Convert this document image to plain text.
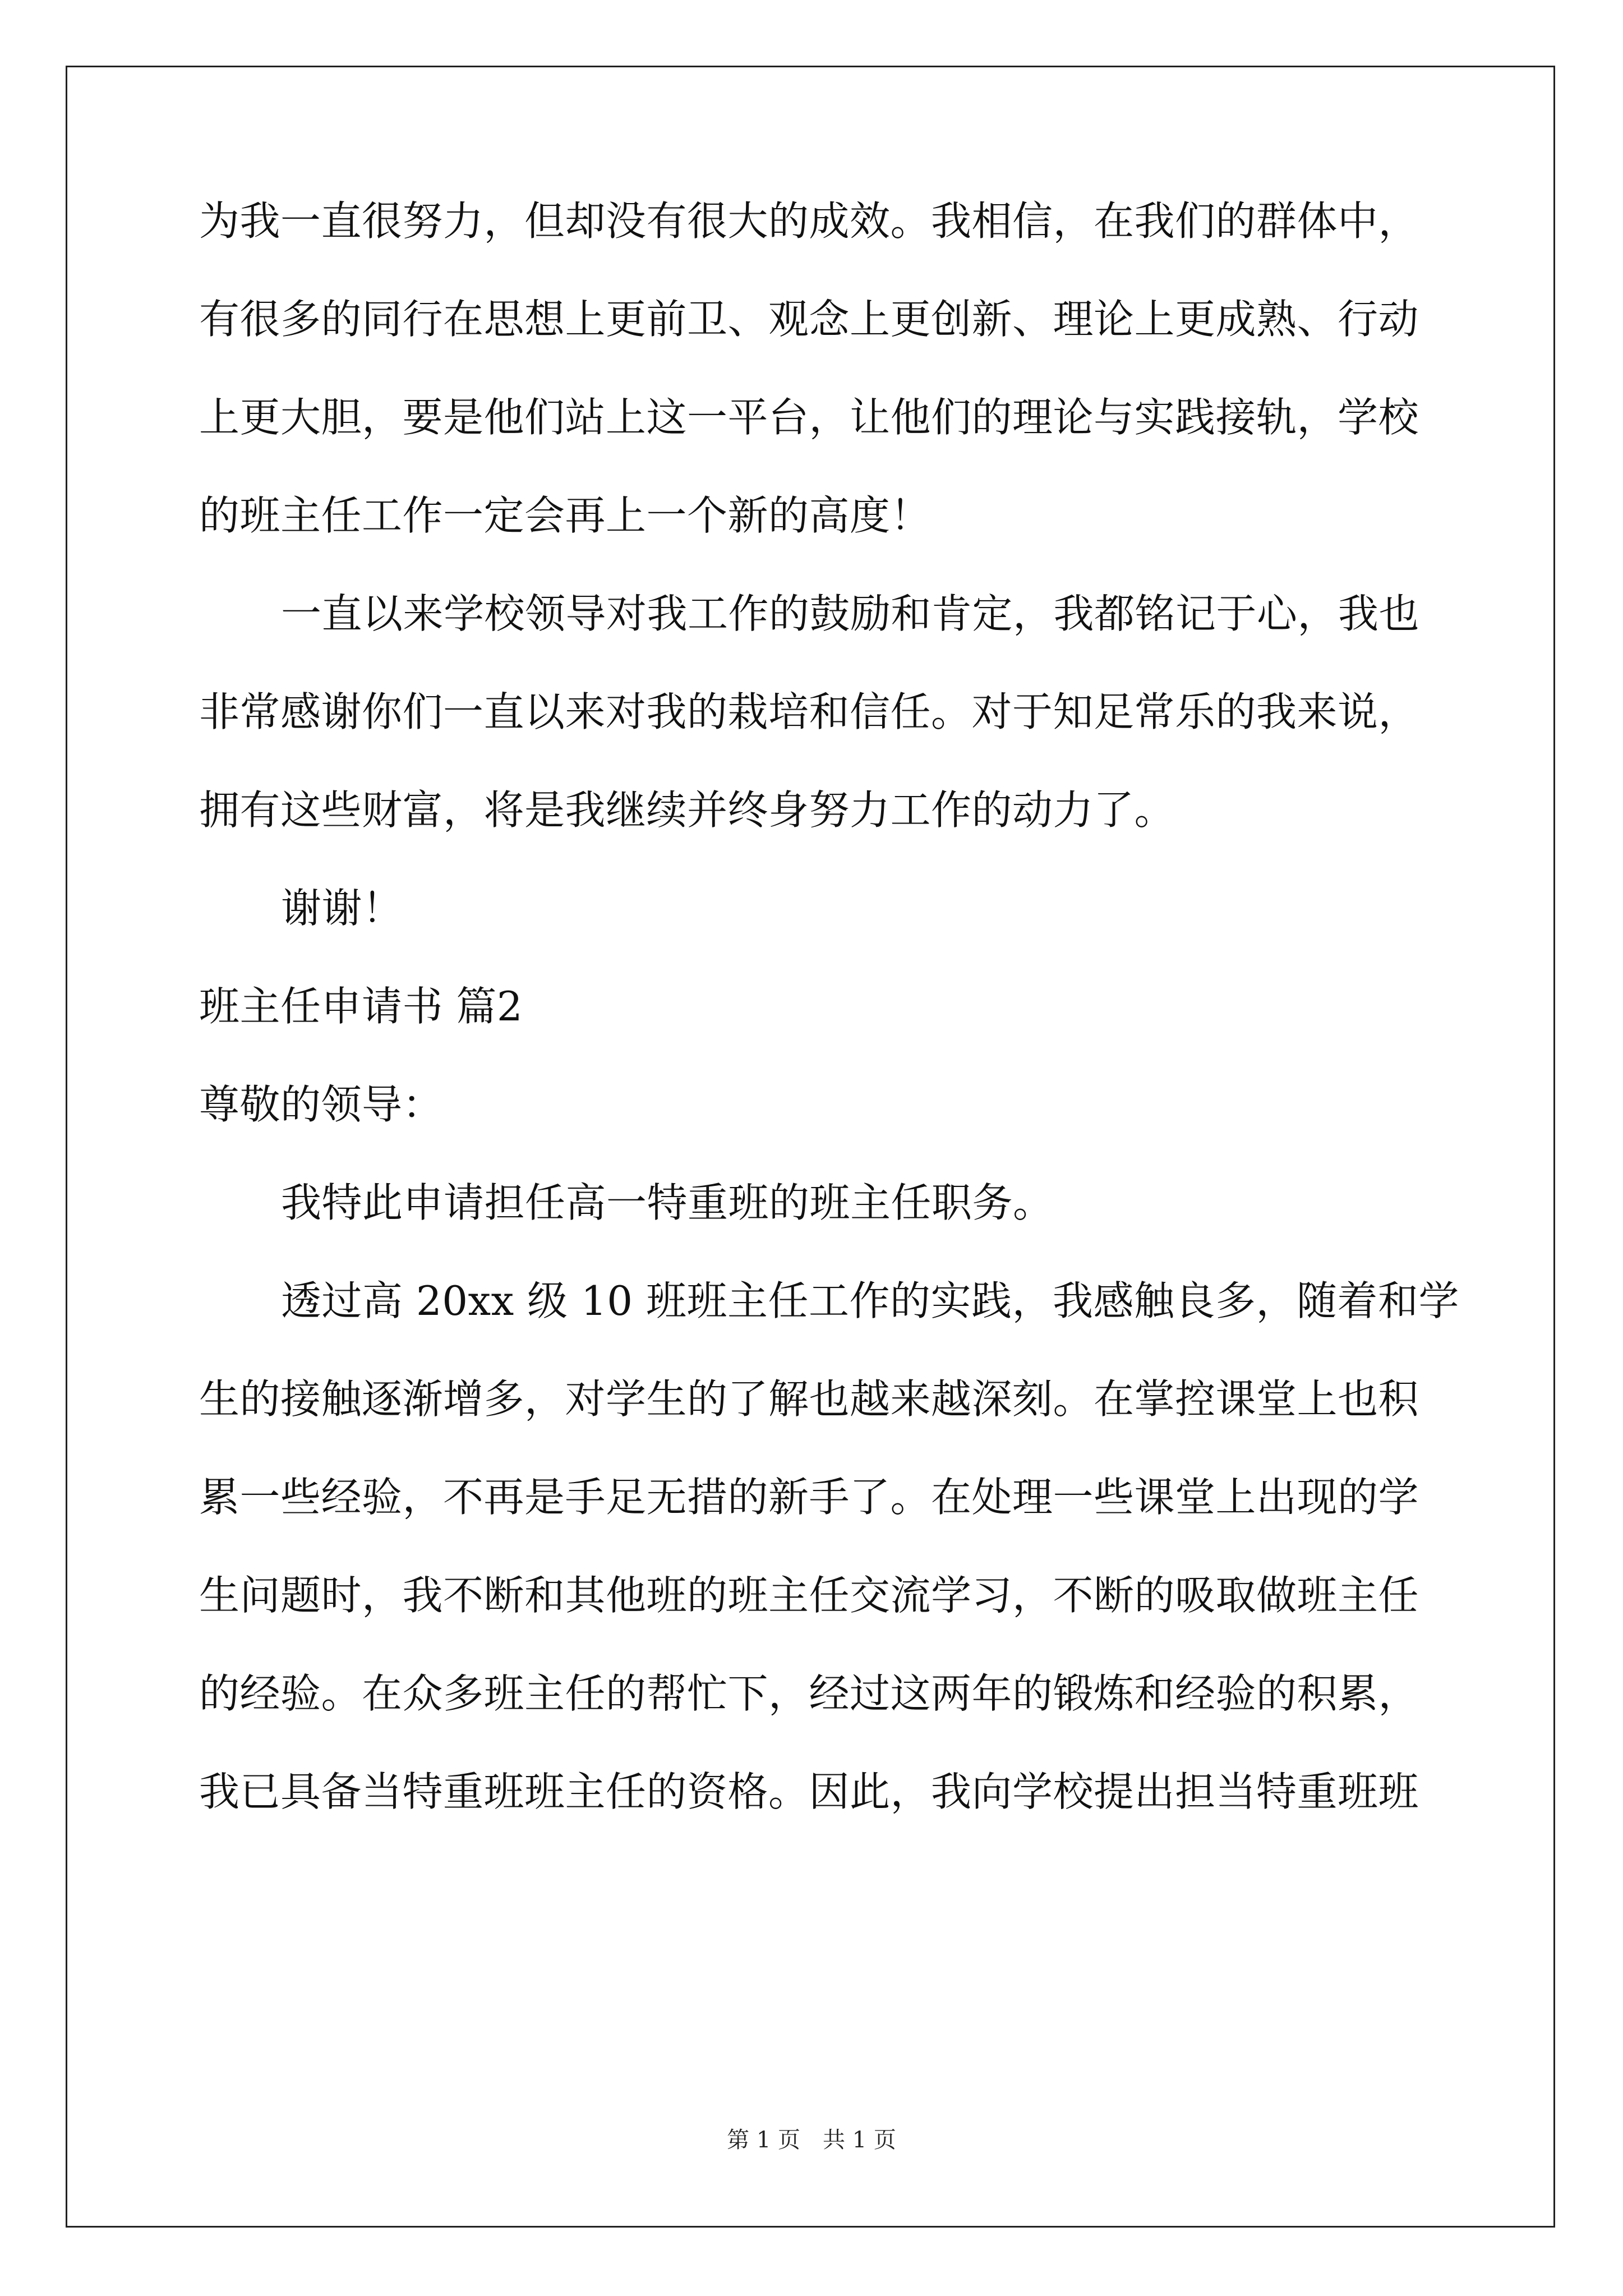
为我一直很努力，但却没有很大的成效。我相信，在我们的群体中，
有很多的同行在思想上更前卫、观念上更创新、理论上更成熟、行动
上更大胆，要是他们站上这一平台，让他们的理论与实践接轨，学校
的班主任工作一定会再上一个新的高度！
一直以来学校领导对我工作的鼓励和肯定，我都铭记于心，我也
非常感谢你们一直以来对我的栽培和信任。对于知足常乐的我来说，
拥有这些财富，将是我继续并终身努力工作的动力了。
谢谢！
班主任申请书 篇2
尊敬的领导：
我特此申请担任高一特重班的班主任职务。
透过高 20xx 级 10 班班主任工作的实践，我感触良多，随着和学
生的接触逐渐增多，对学生的了解也越来越深刻。在掌控课堂上也积
累一些经验，不再是手足无措的新手了。在处理一些课堂上出现的学
生问题时，我不断和其他班的班主任交流学习，不断的吸取做班主任
的经验。在众多班主任的帮忙下，经过这两年的锻炼和经验的积累，
我已具备当特重班班主任的资格。因此，我向学校提出担当特重班班
第 1 页　共 1 页
